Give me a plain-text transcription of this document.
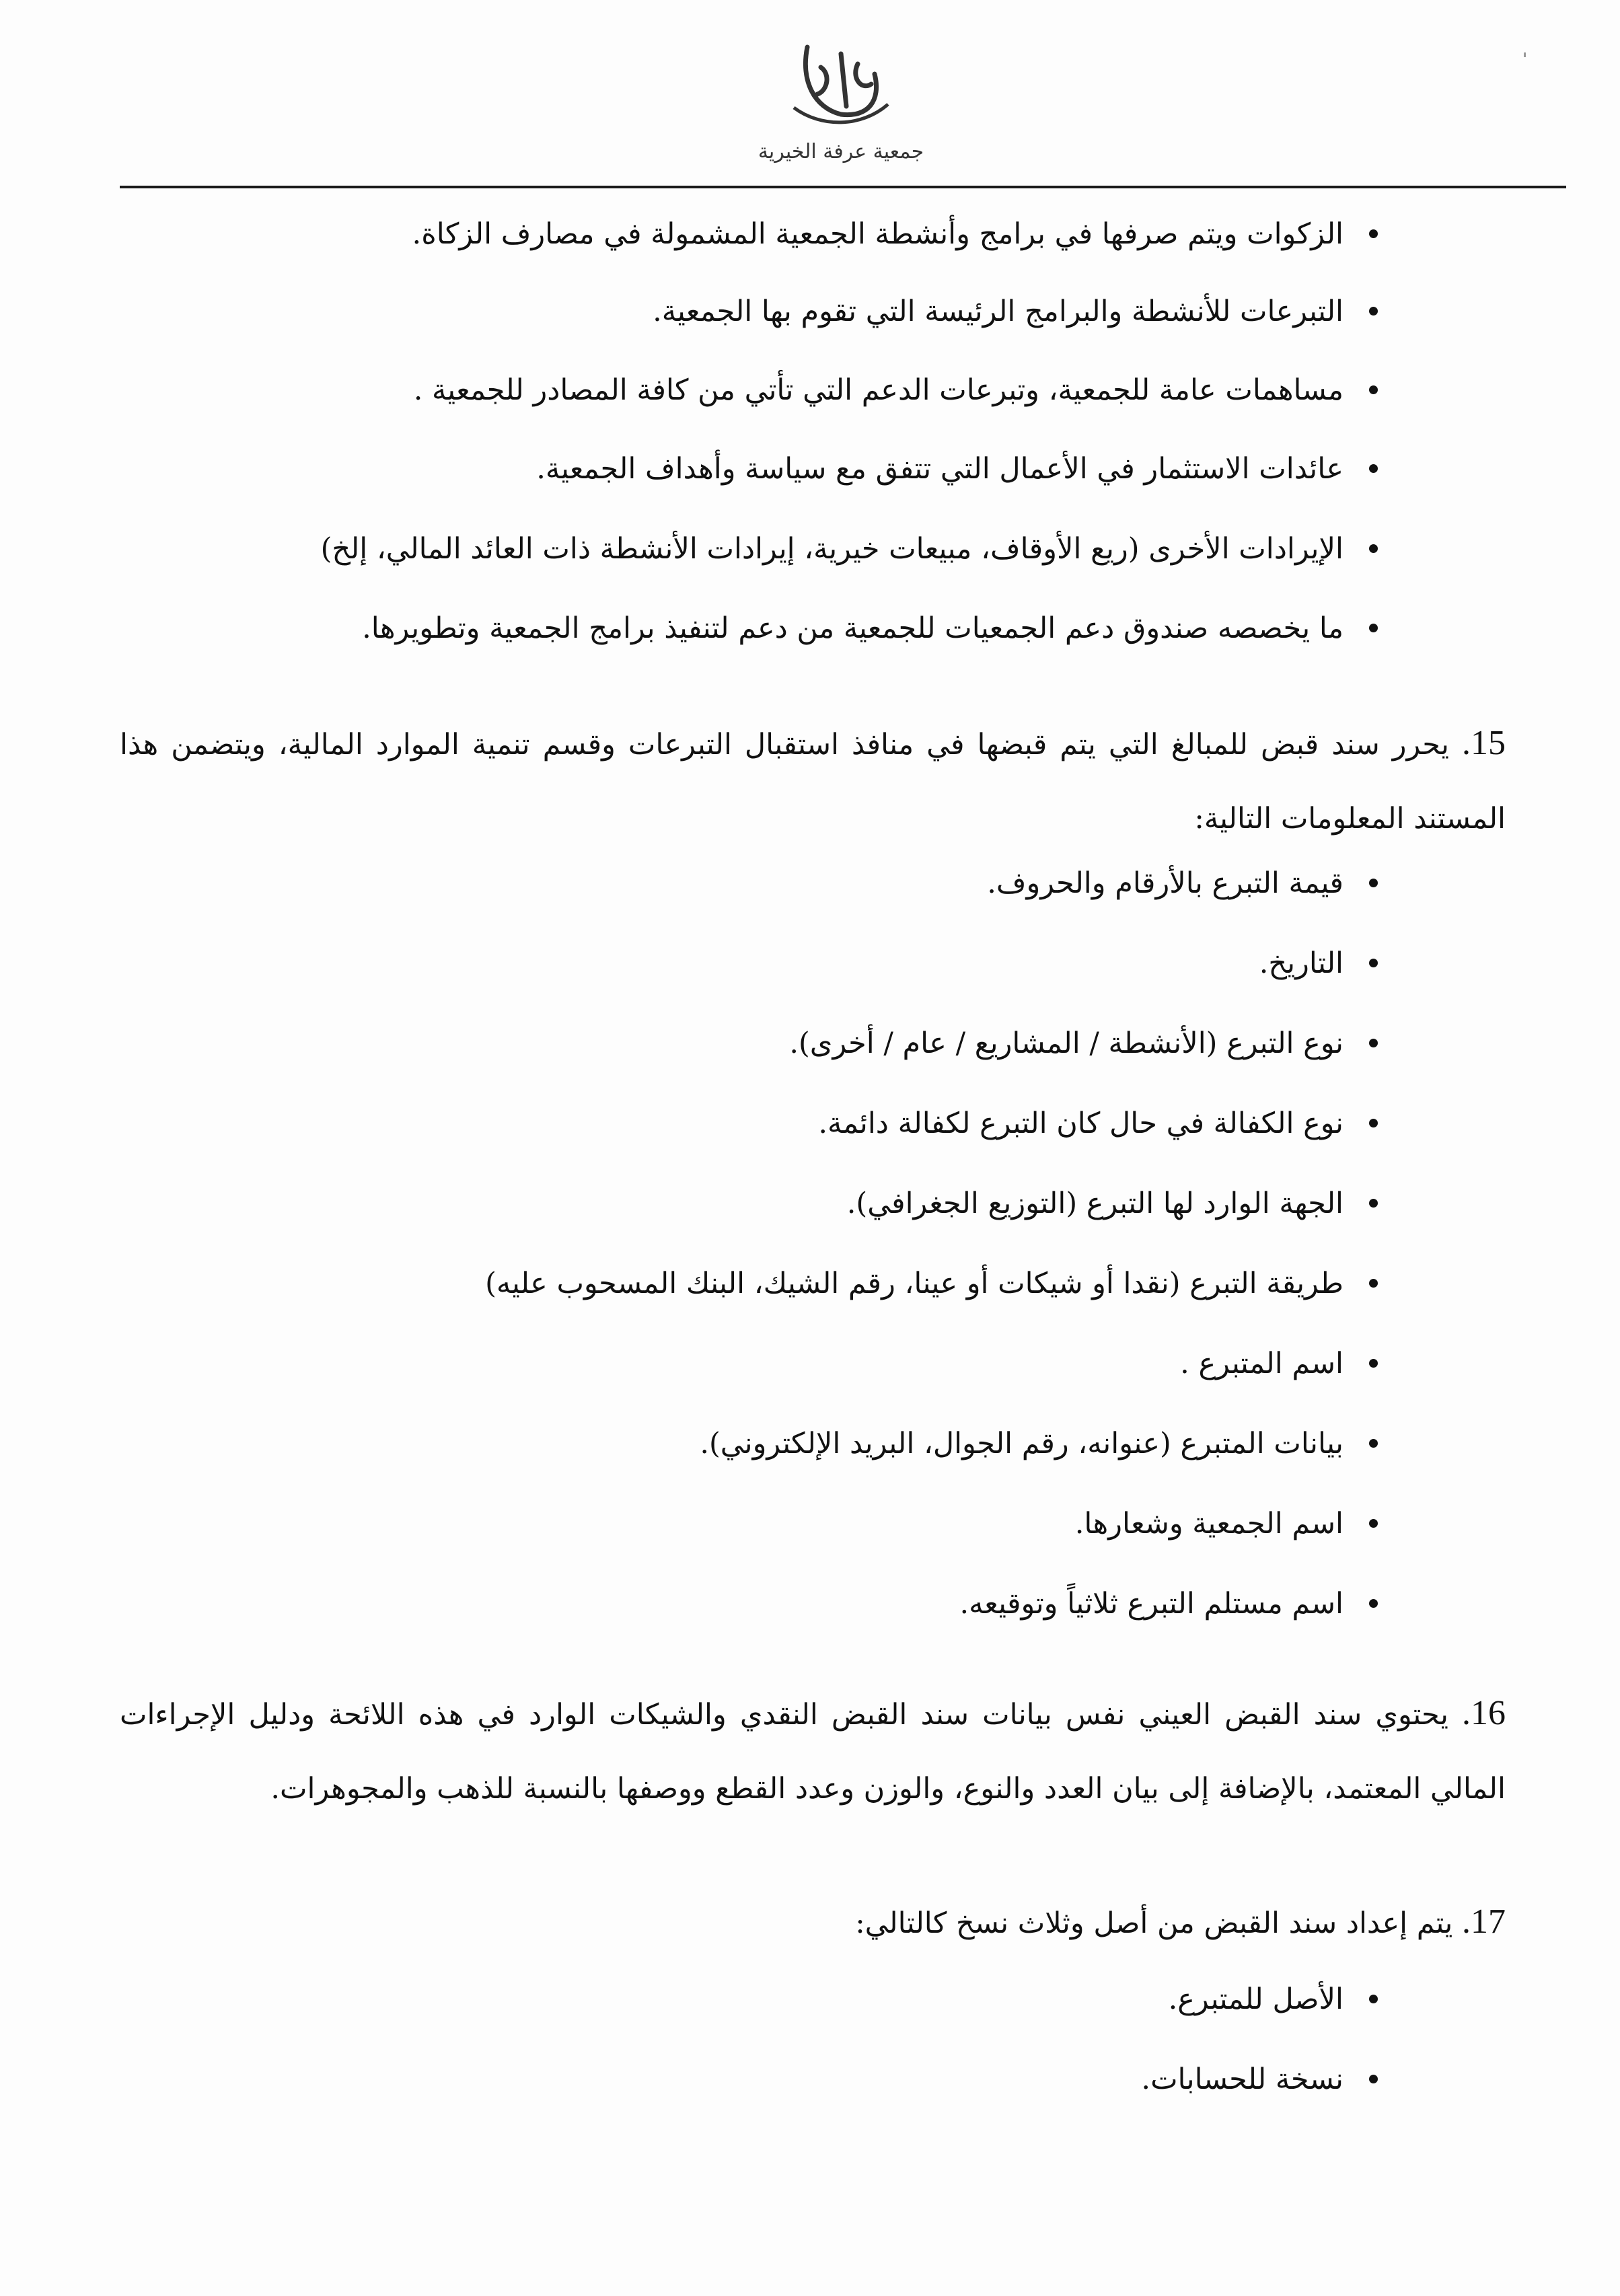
جمعية عرفة الخيرية
الزكوات ويتم صرفها في برامج وأنشطة الجمعية المشمولة في مصارف الزكاة.
التبرعات للأنشطة والبرامج الرئيسة التي تقوم بها الجمعية.
مساهمات عامة للجمعية، وتبرعات الدعم التي تأتي من كافة المصادر للجمعية .
عائدات الاستثمار في الأعمال التي تتفق مع سياسة وأهداف الجمعية.
الإيرادات الأخرى (ريع الأوقاف، مبيعات خيرية، إيرادات الأنشطة ذات العائد المالي، إلخ)
ما يخصصه صندوق دعم الجمعيات للجمعية من دعم لتنفيذ برامج الجمعية وتطويرها.
15. يحرر سند قبض للمبالغ التي يتم قبضها في منافذ استقبال التبرعات وقسم تنمية الموارد المالية، ويتضمن هذا المستند المعلومات التالية:
قيمة التبرع بالأرقام والحروف.
التاريخ.
نوع التبرع (الأنشطة / المشاريع / عام / أخرى).
نوع الكفالة في حال كان التبرع لكفالة دائمة.
الجهة الوارد لها التبرع (التوزيع الجغرافي).
طريقة التبرع (نقدا أو شيكات أو عينا، رقم الشيك، البنك المسحوب عليه)
اسم المتبرع .
بيانات المتبرع (عنوانه، رقم الجوال، البريد الإلكتروني).
اسم الجمعية وشعارها.
اسم مستلم التبرع ثلاثياً وتوقيعه.
16. يحتوي سند القبض العيني نفس بيانات سند القبض النقدي والشيكات الوارد في هذه اللائحة ودليل الإجراءات المالي المعتمد، بالإضافة إلى بيان العدد والنوع، والوزن وعدد القطع ووصفها بالنسبة للذهب والمجوهرات.
17. يتم إعداد سند القبض من أصل وثلاث نسخ كالتالي:
الأصل للمتبرع.
نسخة للحسابات.
